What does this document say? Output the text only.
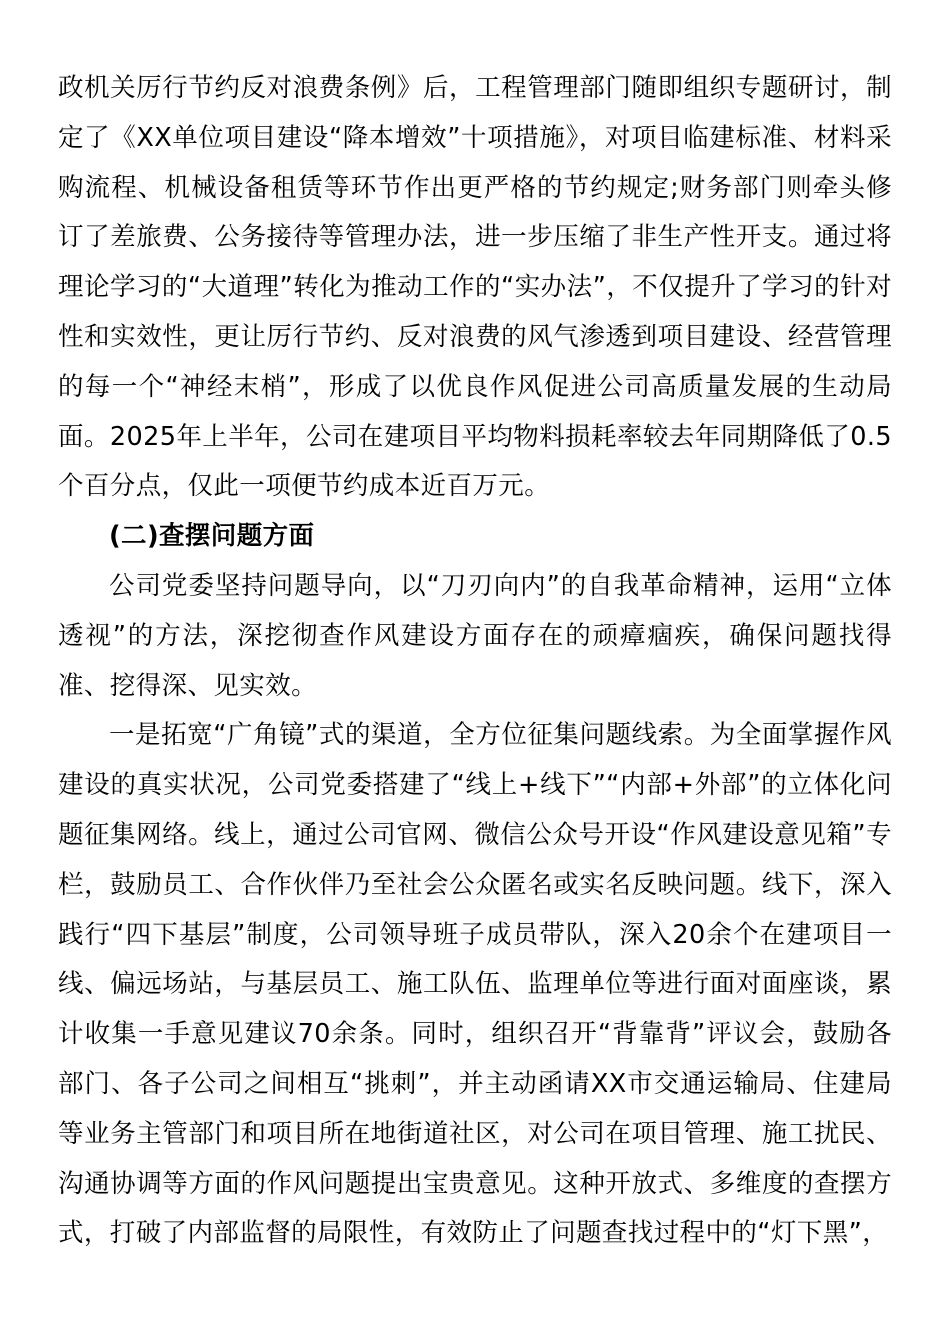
政机关厉行节约反对浪费条例》后，工程管理部门随即组织专题研讨，制定了《XX单位项目建设“降本增效”十项措施》，对项目临建标准、材料采购流程、机械设备租赁等环节作出更严格的节约规定;财务部门则牵头修订了差旅费、公务接待等管理办法，进一步压缩了非生产性开支。通过将理论学习的“大道理”转化为推动工作的“实办法”，不仅提升了学习的针对性和实效性，更让厉行节约、反对浪费的风气渗透到项目建设、经营管理的每一个“神经末梢”，形成了以优良作风促进公司高质量发展的生动局面。2025年上半年，公司在建项目平均物料损耗率较去年同期降低了0.5个百分点，仅此一项便节约成本近百万元。

(二)查摆问题方面

公司党委坚持问题导向，以“刀刃向内”的自我革命精神，运用“立体透视”的方法，深挖彻查作风建设方面存在的顽瘴痼疾，确保问题找得准、挖得深、见实效。

一是拓宽“广角镜”式的渠道，全方位征集问题线索。为全面掌握作风建设的真实状况，公司党委搭建了“线上+线下”“内部+外部”的立体化问题征集网络。线上，通过公司官网、微信公众号开设“作风建设意见箱”专栏，鼓励员工、合作伙伴乃至社会公众匿名或实名反映问题。线下，深入践行“四下基层”制度，公司领导班子成员带队，深入20余个在建项目一线、偏远场站，与基层员工、施工队伍、监理单位等进行面对面座谈，累计收集一手意见建议70余条。同时，组织召开“背靠背”评议会，鼓励各部门、各子公司之间相互“挑刺”，并主动函请XX市交通运输局、住建局等业务主管部门和项目所在地街道社区，对公司在项目管理、施工扰民、沟通协调等方面的作风问题提出宝贵意见。这种开放式、多维度的查摆方式，打破了内部监督的局限性，有效防止了问题查找过程中的“灯下黑”，
